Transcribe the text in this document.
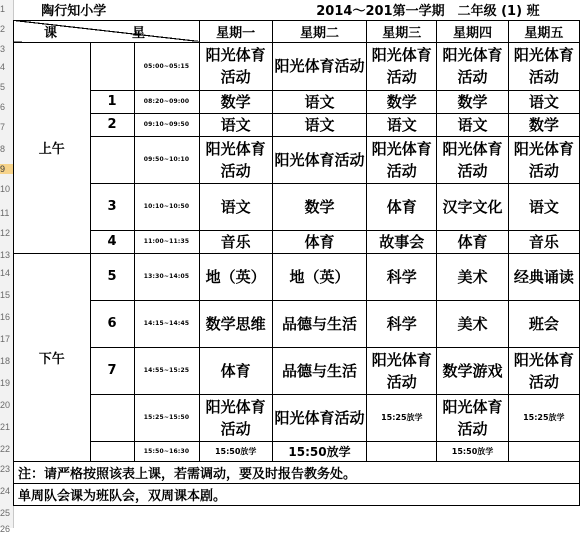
1
2
3
4
5
6
7
8
9
10
11
12
13
14
15
16
17
18
19
20
21
22
23
24
25
26
陶行知小学				2014～201第一学期　二年级 (1) 班			

课 星			星期一	星期二	星期三	星期四	星期五
上午		05:00~05:15	阳光体育活动	阳光体育活动	阳光体育活动	阳光体育活动	阳光体育活动
	1	08:20~09:00	数学	语文	数学	数学	语文
	2	09:10~09:50	语文	语文	语文	语文	数学
		09:50~10:10	阳光体育活动	阳光体育活动	阳光体育活动	阳光体育活动	阳光体育活动
	3	10:10~10:50	语文	数学	体育	汉字文化	语文
	4	11:00~11:35	音乐	体育	故事会	体育	音乐
下午	5	13:30~14:05	地（英）	地（英）	科学	美术	经典诵读
	6	14:15~14:45	数学思维	品德与生活	科学	美术	班会
	7	14:55~15:25	体育	品德与生活	阳光体育活动	数学游戏	阳光体育活动
		15:25~15:50	阳光体育活动	阳光体育活动	15:25放学	阳光体育活动	15:25放学
		15:50~16:30	15:50放学	15:50放学		15:50放学	
注：请严格按照该表上课，若需调动，要及时报告教务处。							
单周队会课为班队会，双周课本剧。							
